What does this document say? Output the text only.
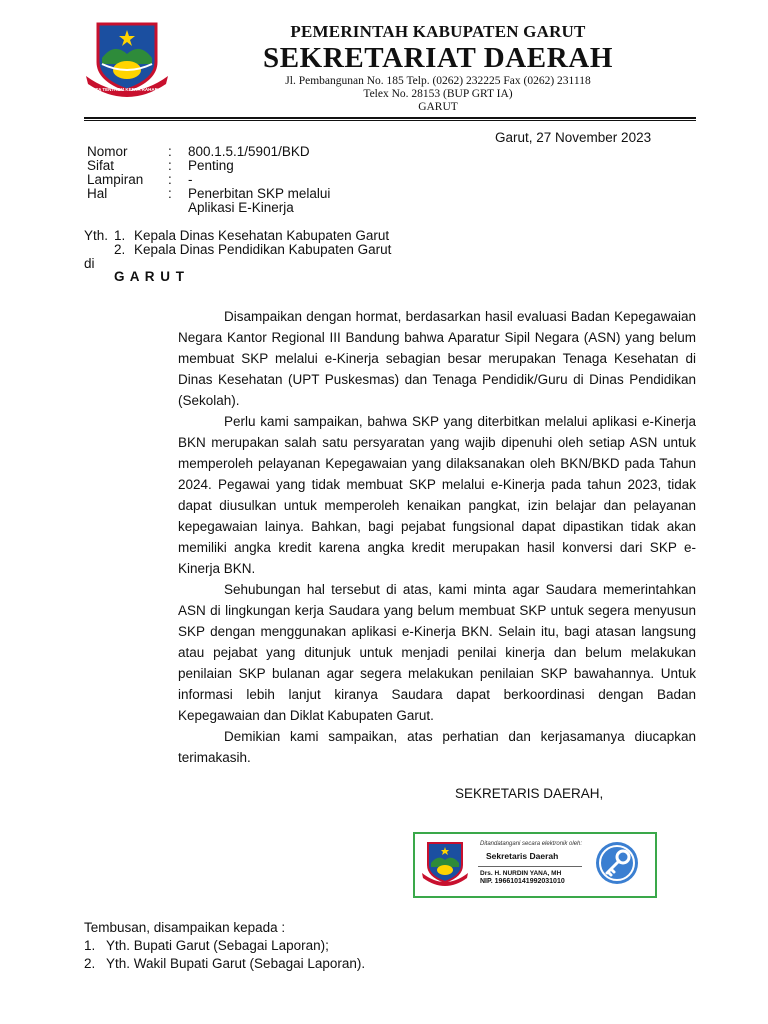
TATA TENTREM KERTA RAHARJA
PEMERINTAH KABUPATEN GARUT
SEKRETARIAT DAERAH
Jl. Pembangunan No. 185 Telp. (0262) 232225 Fax (0262) 231118
Telex No. 28153 (BUP GRT IA)
GARUT
Garut, 27 November 2023
Nomor	: 800.1.5.1/5901/BKD
Sifat	: Penting
Lampiran : -
Hal	: Penerbitan SKP melalui
Aplikasi E-Kinerja
Yth. 1. Kepala Dinas Kesehatan Kabupaten Garut
2. Kepala Dinas Pendidikan Kabupaten Garut
di
G A R U T

Disampaikan dengan hormat, berdasarkan hasil evaluasi Badan Kepegawaian Negara Kantor Regional III Bandung bahwa Aparatur Sipil Negara (ASN) yang belum membuat SKP melalui e-Kinerja sebagian besar merupakan Tenaga Kesehatan di Dinas Kesehatan (UPT Puskesmas) dan Tenaga Pendidik/Guru di Dinas Pendidikan (Sekolah).

Perlu kami sampaikan, bahwa SKP yang diterbitkan melalui aplikasi e-Kinerja BKN merupakan salah satu persyaratan yang wajib dipenuhi oleh setiap ASN untuk memperoleh pelayanan Kepegawaian yang dilaksanakan oleh BKN/BKD pada Tahun 2024. Pegawai yang tidak membuat SKP melalui e-Kinerja pada tahun 2023, tidak dapat diusulkan untuk memperoleh kenaikan pangkat, izin belajar dan pelayanan kepegawaian lainya. Bahkan, bagi pejabat fungsional dapat dipastikan tidak akan memiliki angka kredit karena angka kredit merupakan hasil konversi dari SKP e-Kinerja BKN.

Sehubungan hal tersebut di atas, kami minta agar Saudara memerintahkan ASN di lingkungan kerja Saudara yang belum membuat SKP untuk segera menyusun SKP dengan menggunakan aplikasi e-Kinerja BKN. Selain itu, bagi atasan langsung atau pejabat yang ditunjuk untuk menjadi penilai kinerja dan belum melakukan penilaian SKP bulanan agar segera melakukan penilaian SKP bawahannya. Untuk informasi lebih lanjut kiranya Saudara dapat berkoordinasi dengan Badan Kepegawaian dan Diklat Kabupaten Garut.

Demikian kami sampaikan, atas perhatian dan kerjasamanya diucapkan terimakasih.

SEKRETARIS DAERAH,
Ditandatangani secara elektronik oleh:
Sekretaris Daerah
Drs. H. NURDIN YANA, MH
NIP. 196610141992031010
Tembusan, disampaikan kepada :
1. Yth. Bupati Garut (Sebagai Laporan);
2. Yth. Wakil Bupati Garut (Sebagai Laporan).
